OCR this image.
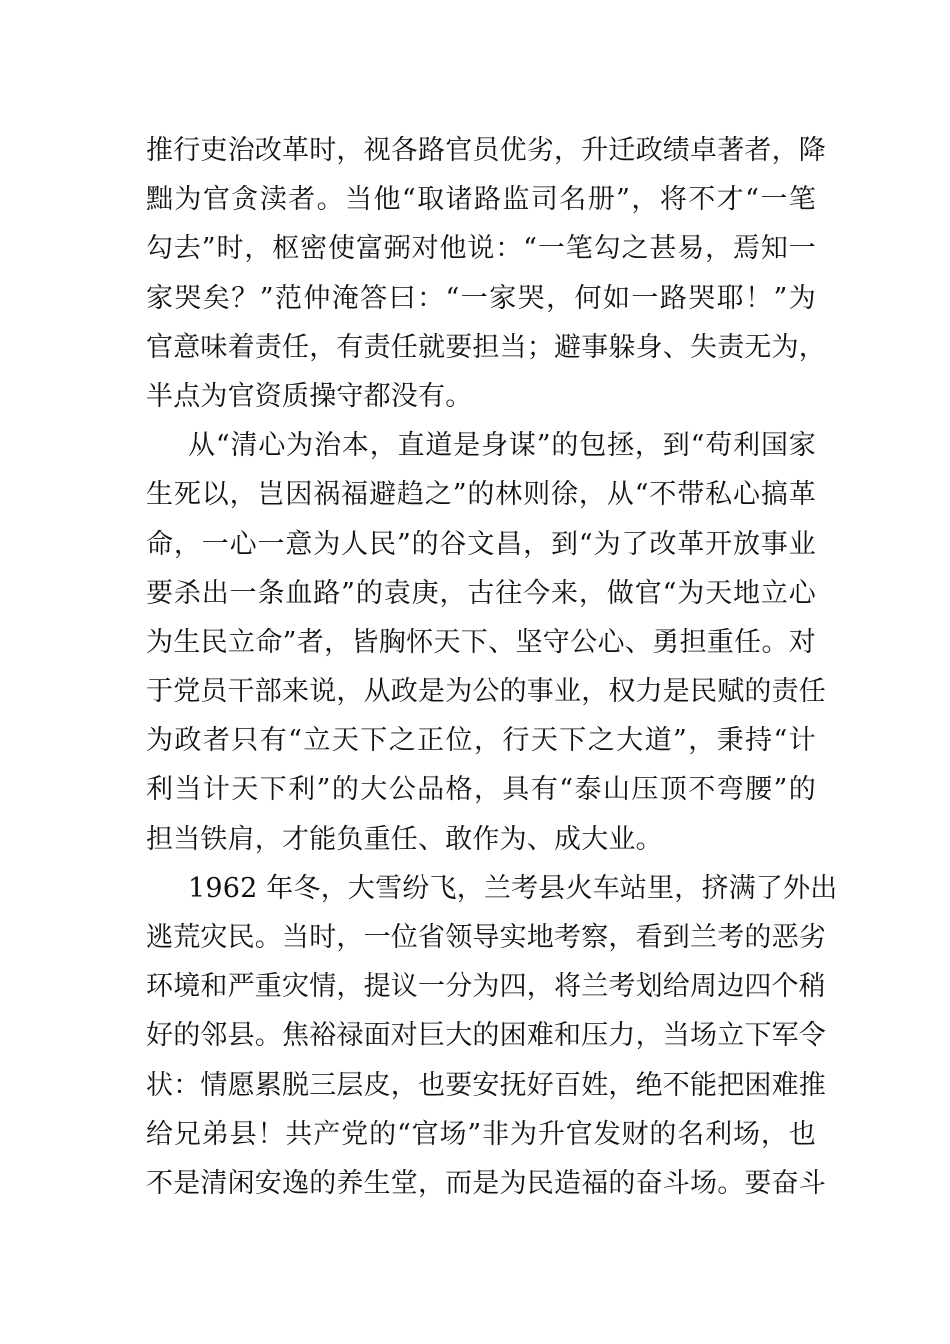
推行吏治改革时，视各路官员优劣，升迁政绩卓著者，降
黜为官贪渎者。当他“取诸路监司名册”，将不才“一笔
勾去”时，枢密使富弼对他说：“一笔勾之甚易，焉知一
家哭矣？”范仲淹答曰：“一家哭，何如一路哭耶！”为
官意味着责任，有责任就要担当；避事躲身、失责无为，
半点为官资质操守都没有。
从“清心为治本，直道是身谋”的包拯，到“苟利国家
生死以，岂因祸福避趋之”的林则徐，从“不带私心搞革
命，一心一意为人民”的谷文昌，到“为了改革开放事业
要杀出一条血路”的袁庚，古往今来，做官“为天地立心
为生民立命”者，皆胸怀天下、坚守公心、勇担重任。对
于党员干部来说，从政是为公的事业，权力是民赋的责任
为政者只有“立天下之正位，行天下之大道”，秉持“计
利当计天下利”的大公品格，具有“泰山压顶不弯腰”的
担当铁肩，才能负重任、敢作为、成大业。
1962 年冬，大雪纷飞，兰考县火车站里，挤满了外出
逃荒灾民。当时，一位省领导实地考察，看到兰考的恶劣
环境和严重灾情，提议一分为四，将兰考划给周边四个稍
好的邻县。焦裕禄面对巨大的困难和压力，当场立下军令
状：情愿累脱三层皮，也要安抚好百姓，绝不能把困难推
给兄弟县！共产党的“官场”非为升官发财的名利场，也
不是清闲安逸的养生堂，而是为民造福的奋斗场。要奋斗
